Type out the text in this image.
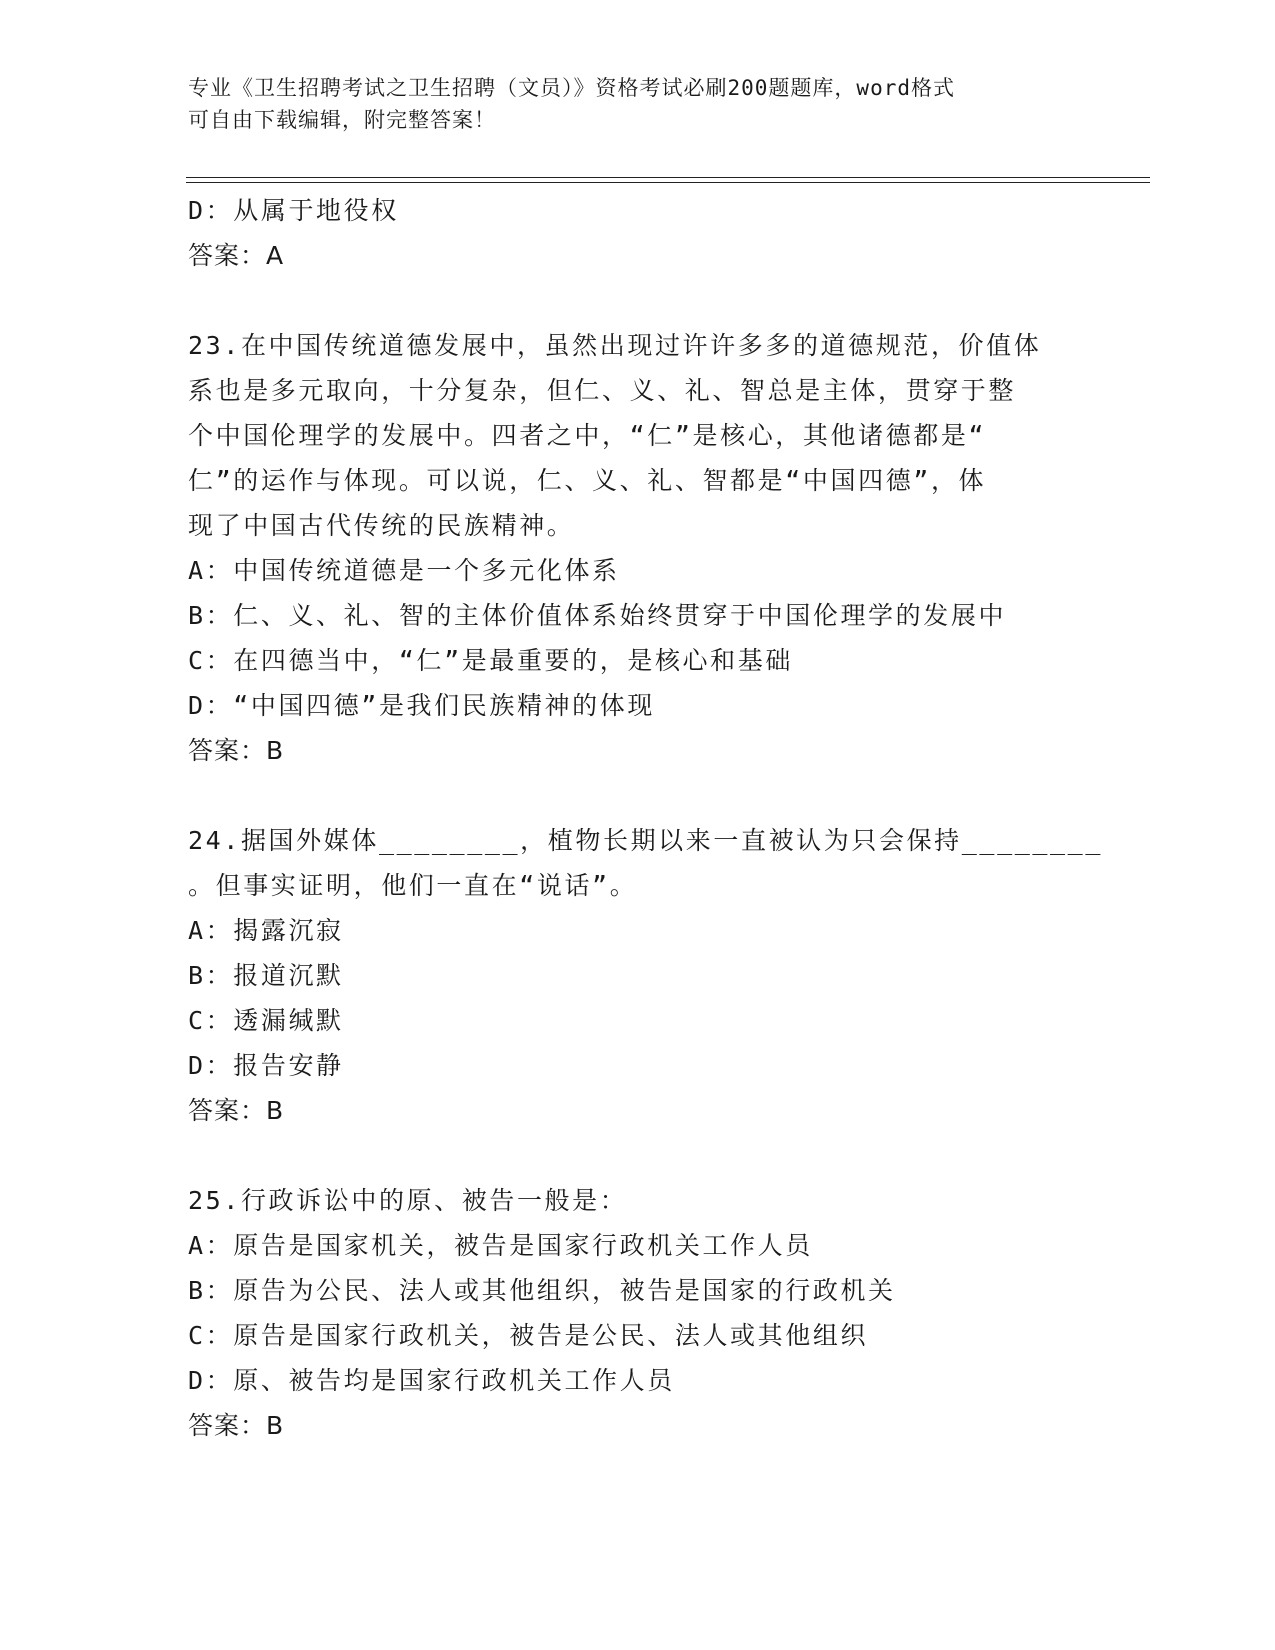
专业《卫生招聘考试之卫生招聘（文员）》资格考试必刷200题题库，word格式
可自由下载编辑，附完整答案！
D：从属于地役权
答案：A
23.在中国传统道德发展中，虽然出现过许许多多的道德规范，价值体
系也是多元取向，十分复杂，但仁、义、礼、智总是主体，贯穿于整
个中国伦理学的发展中。四者之中，“仁”是核心，其他诸德都是“
仁”的运作与体现。可以说，仁、义、礼、智都是“中国四德”，体
现了中国古代传统的民族精神。
A：中国传统道德是一个多元化体系
B：仁、义、礼、智的主体价值体系始终贯穿于中国伦理学的发展中
C：在四德当中，“仁”是最重要的，是核心和基础
D：“中国四德”是我们民族精神的体现
答案：B
24.据国外媒体________，植物长期以来一直被认为只会保持________
。但事实证明，他们一直在“说话”。
A：揭露沉寂
B：报道沉默
C：透漏缄默
D：报告安静
答案：B
25.行政诉讼中的原、被告一般是：
A：原告是国家机关，被告是国家行政机关工作人员
B：原告为公民、法人或其他组织，被告是国家的行政机关
C：原告是国家行政机关，被告是公民、法人或其他组织
D：原、被告均是国家行政机关工作人员
答案：B
